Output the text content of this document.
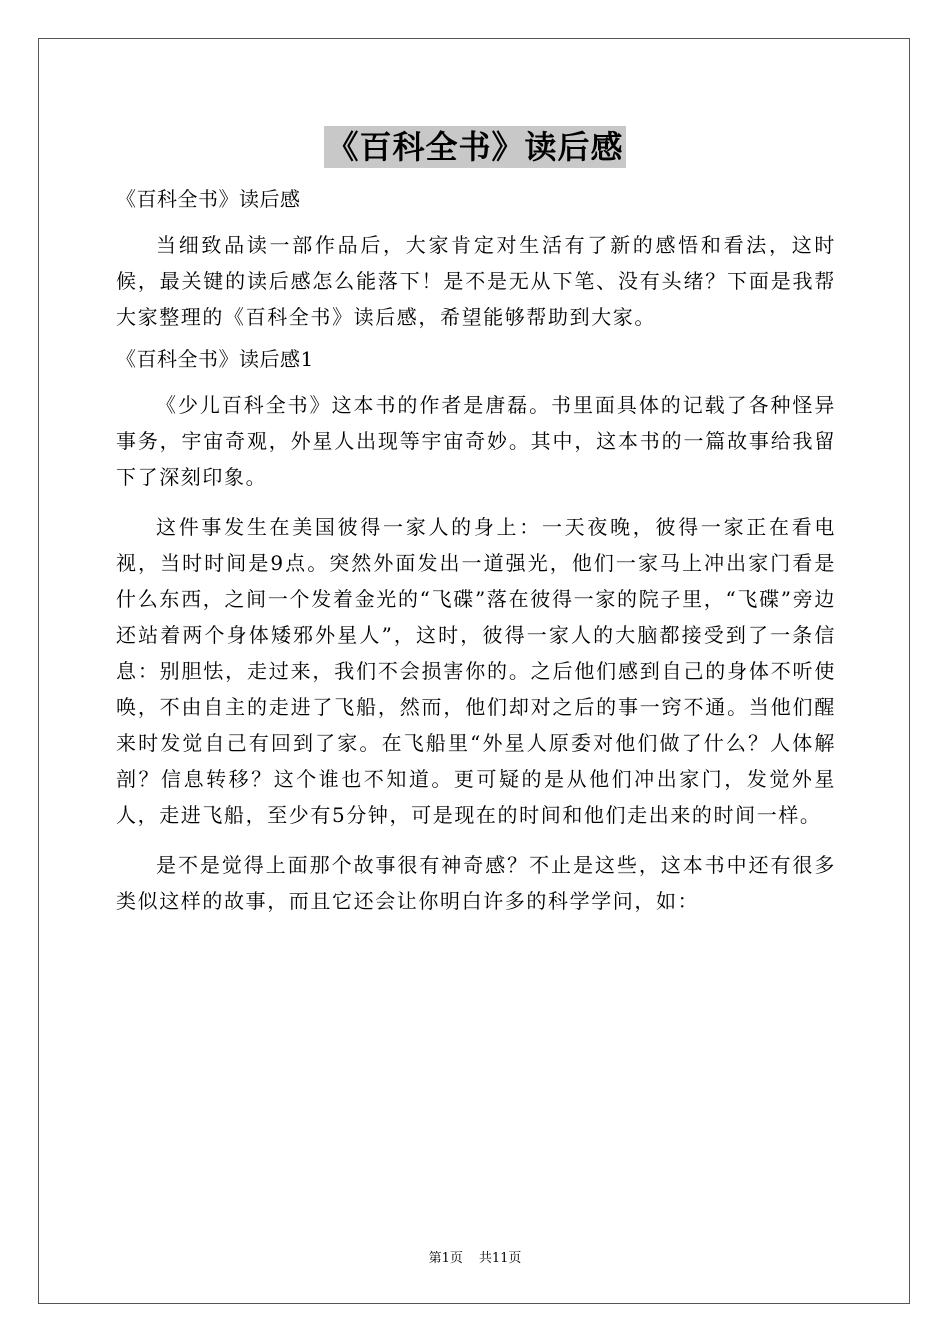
《百科全书》读后感

《百科全书》读后感

当细致品读一部作品后，大家肯定对生活有了新的感悟和看法，这时候，最关键的读后感怎么能落下！是不是无从下笔、没有头绪？下面是我帮大家整理的《百科全书》读后感，希望能够帮助到大家。

《百科全书》读后感1

《少儿百科全书》这本书的作者是唐磊。书里面具体的记载了各种怪异事务，宇宙奇观，外星人出现等宇宙奇妙。其中，这本书的一篇故事给我留下了深刻印象。

这件事发生在美国彼得一家人的身上：一天夜晚，彼得一家正在看电视，当时时间是9点。突然外面发出一道强光，他们一家马上冲出家门看是什么东西，之间一个发着金光的“飞碟”落在彼得一家的院子里，“飞碟”旁边还站着两个身体矮邪外星人”，这时，彼得一家人的大脑都接受到了一条信息：别胆怯，走过来，我们不会损害你的。之后他们感到自己的身体不听使唤，不由自主的走进了飞船，然而，他们却对之后的事一窍不通。当他们醒来时发觉自己有回到了家。在飞船里“外星人原委对他们做了什么？人体解剖？信息转移？这个谁也不知道。更可疑的是从他们冲出家门，发觉外星人，走进飞船，至少有5分钟，可是现在的时间和他们走出来的时间一样。

是不是觉得上面那个故事很有神奇感？不止是这些，这本书中还有很多类似这样的故事，而且它还会让你明白许多的科学学问，如：

第1页 共11页
